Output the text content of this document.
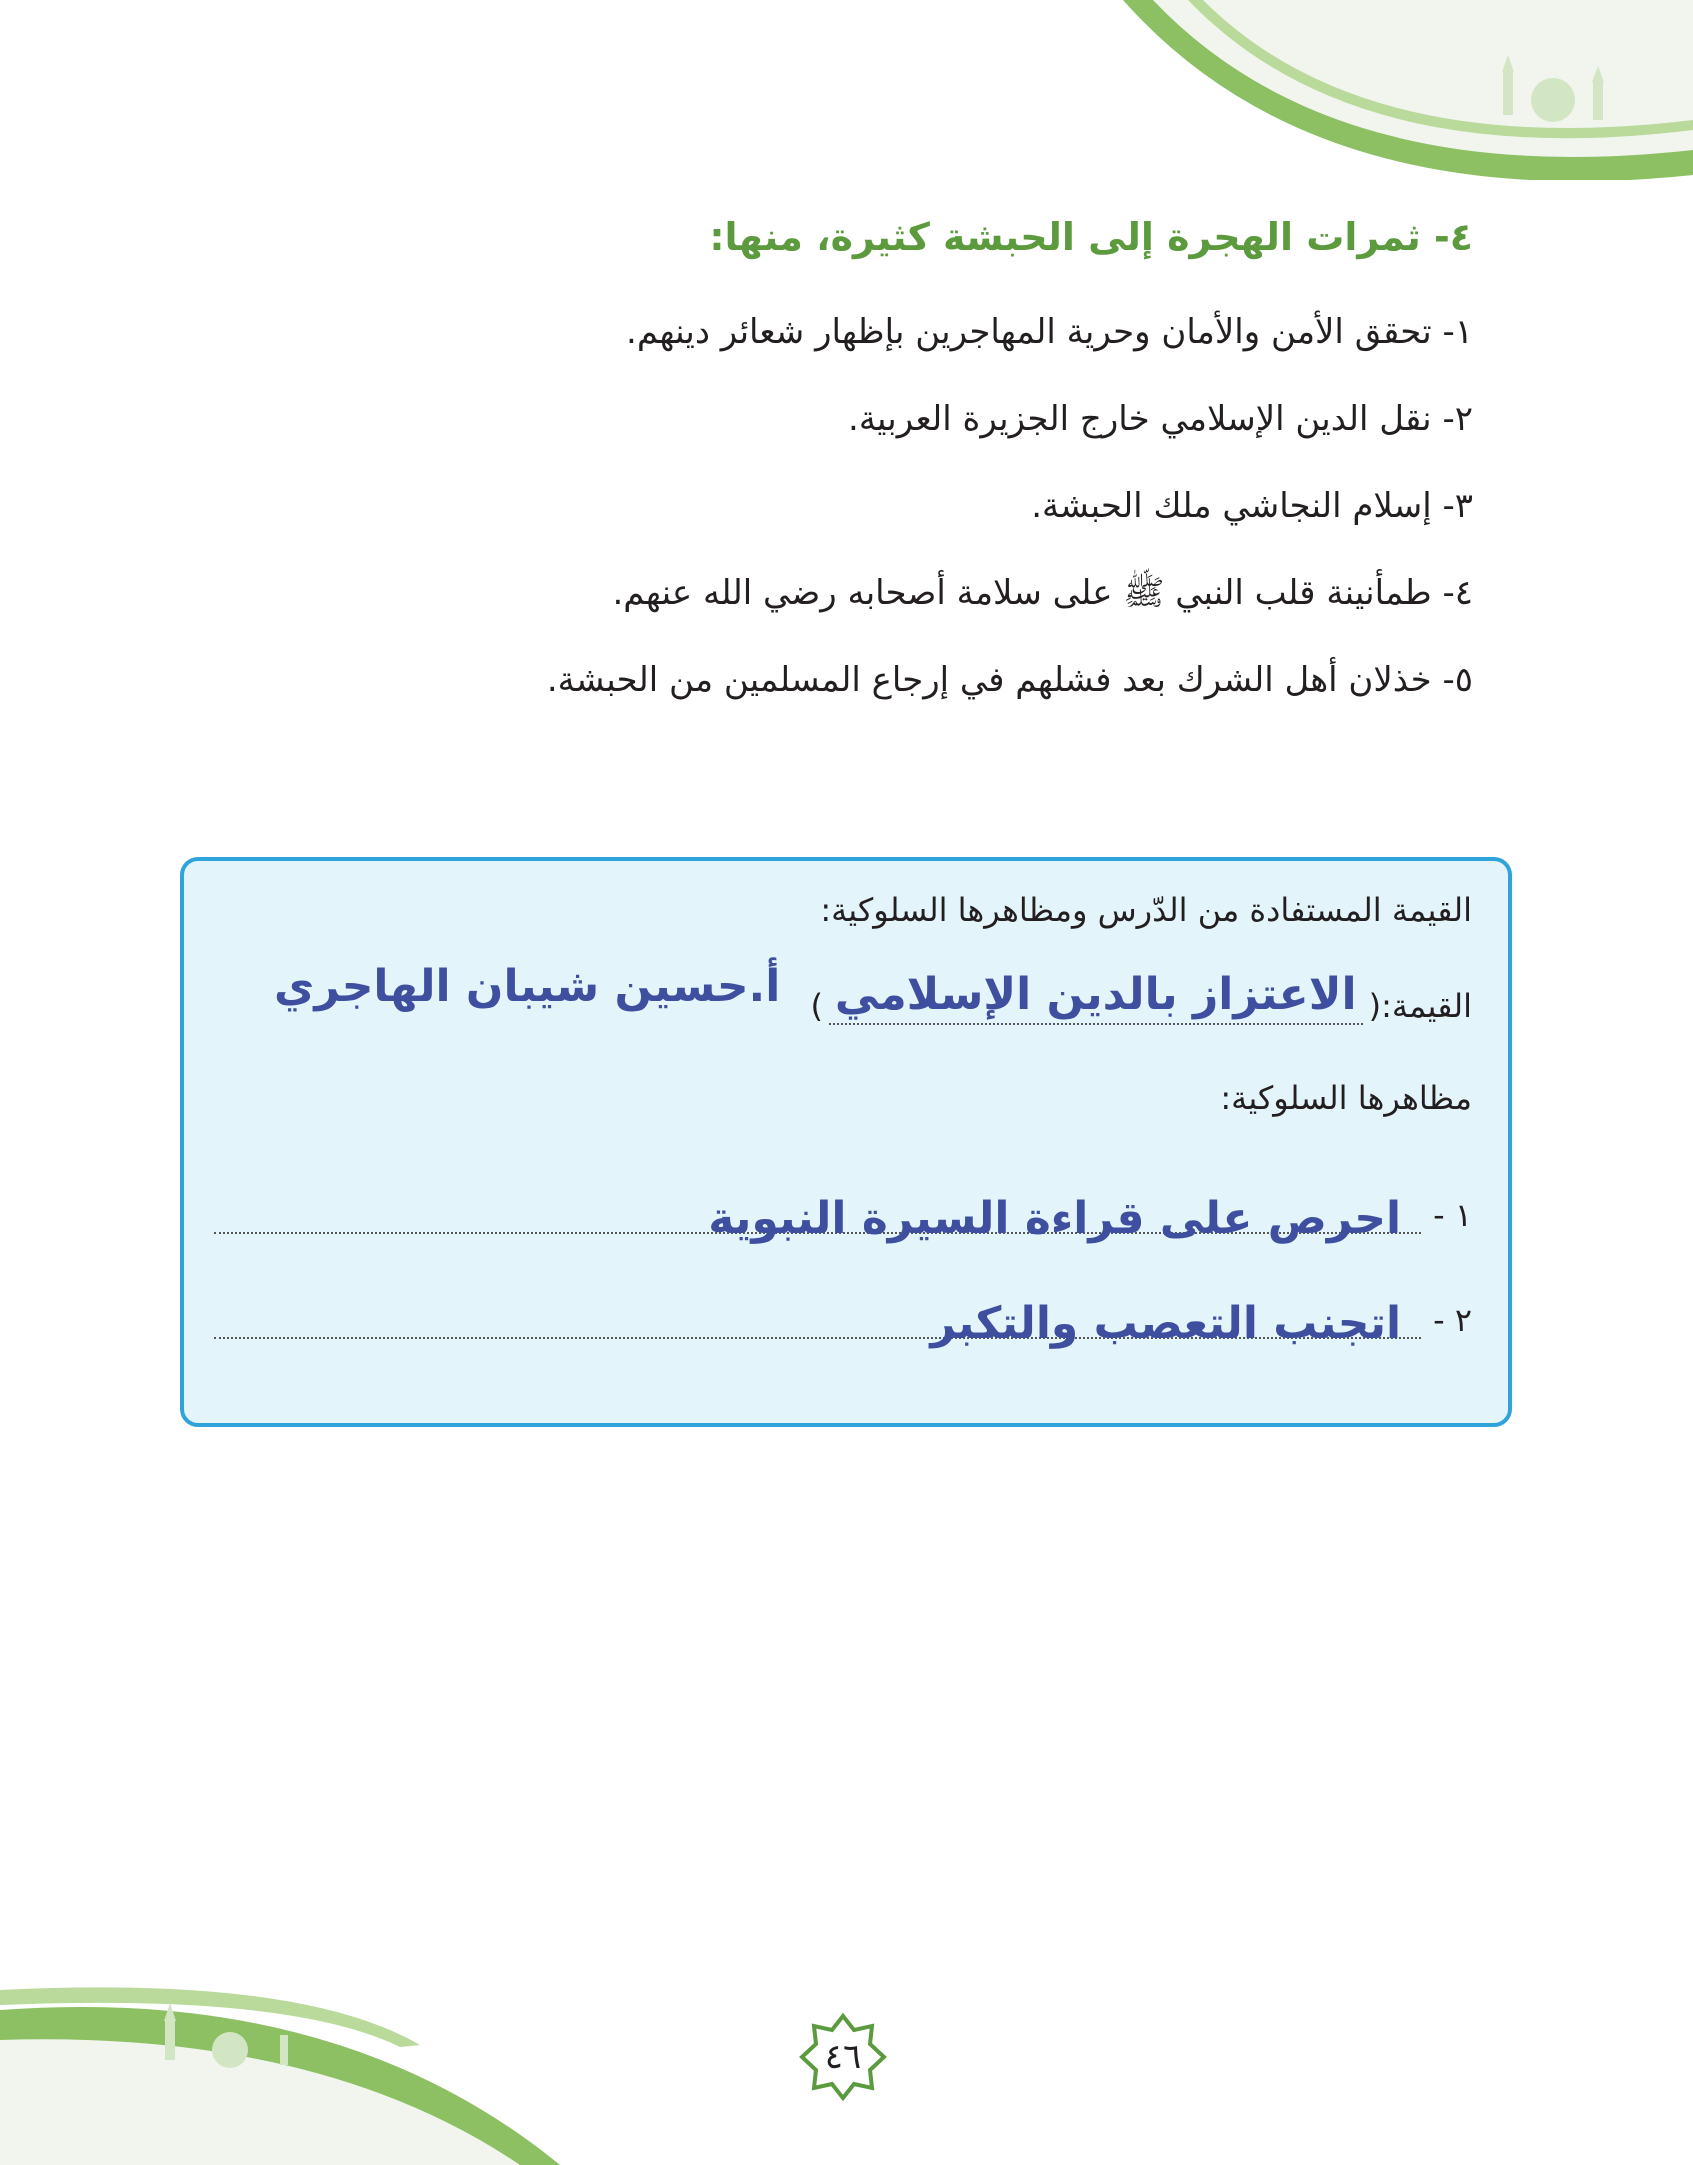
٤- ثمرات الهجرة إلى الحبشة كثيرة، منها:
١- تحقق الأمن والأمان وحرية المهاجرين بإظهار شعائر دينهم.
٢- نقل الدين الإسلامي خارج الجزيرة العربية.
٣- إسلام النجاشي ملك الحبشة.
٤- طمأنينة قلب النبي ﷺ على سلامة أصحابه رضي الله عنهم.
٥- خذلان أهل الشرك بعد فشلهم في إرجاع المسلمين من الحبشة.
القيمة المستفادة من الدّرس ومظاهرها السلوكية:
القيمة:
(
الاعتزاز بالدين الإسلامي
)
أ.حسين شيبان الهاجري
مظاهرها السلوكية:
١ -
احرص على قراءة السيرة النبوية
٢ -
اتجنب التعصب والتكبر
٤٦
